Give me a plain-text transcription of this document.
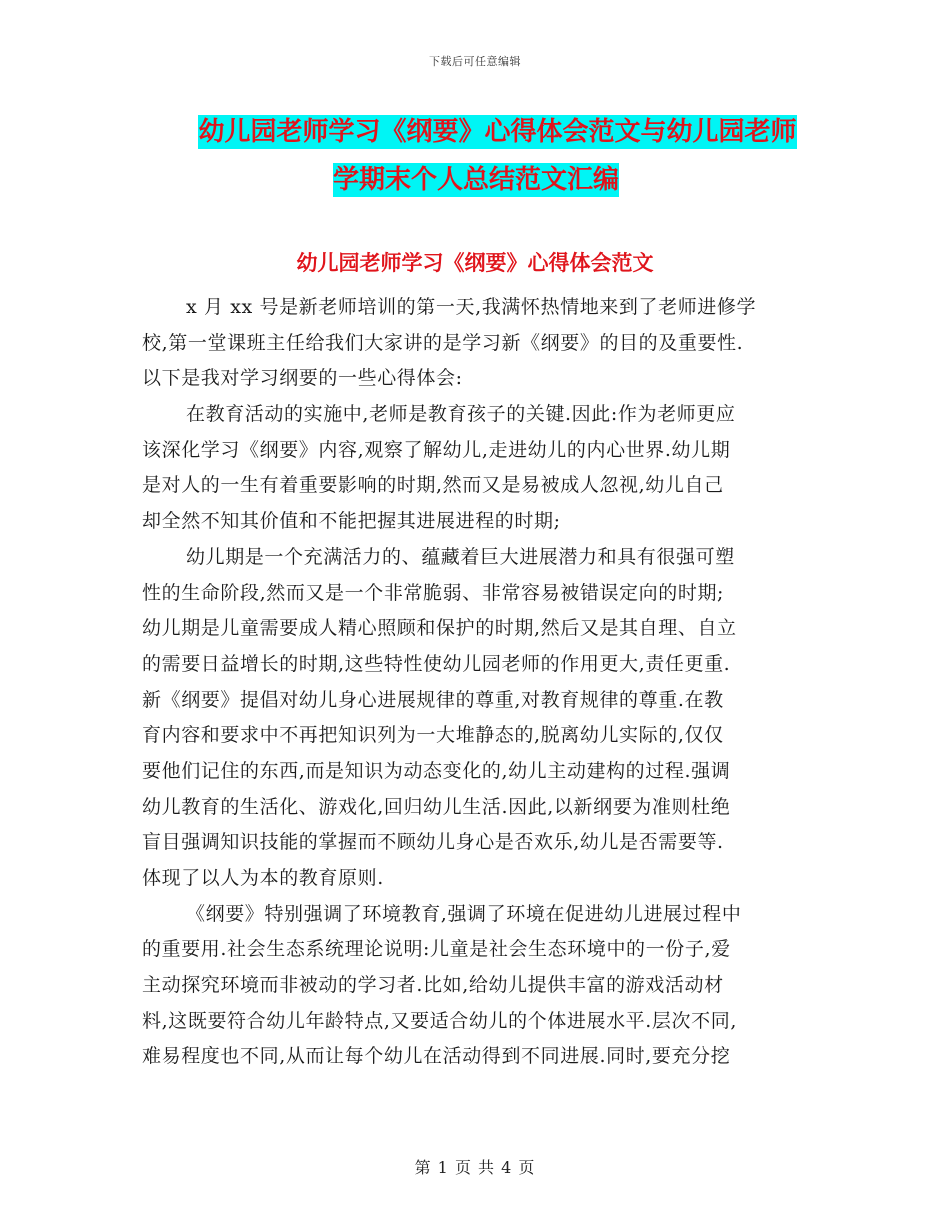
下载后可任意编辑
幼儿园老师学习《纲要》心得体会范文与幼儿园老师
学期末个人总结范文汇编
幼儿园老师学习《纲要》心得体会范文
x 月 xx 号是新老师培训的第一天,我满怀热情地来到了老师进修学
校,第一堂课班主任给我们大家讲的是学习新《纲要》的目的及重要性.
以下是我对学习纲要的一些心得体会:
在教育活动的实施中,老师是教育孩子的关键.因此:作为老师更应
该深化学习《纲要》内容,观察了解幼儿,走进幼儿的内心世界.幼儿期
是对人的一生有着重要影响的时期,然而又是易被成人忽视,幼儿自己
却全然不知其价值和不能把握其进展进程的时期;
幼儿期是一个充满活力的、蕴藏着巨大进展潜力和具有很强可塑
性的生命阶段,然而又是一个非常脆弱、非常容易被错误定向的时期;
幼儿期是儿童需要成人精心照顾和保护的时期,然后又是其自理、自立
的需要日益增长的时期,这些特性使幼儿园老师的作用更大,责任更重.
新《纲要》提倡对幼儿身心进展规律的尊重,对教育规律的尊重.在教
育内容和要求中不再把知识列为一大堆静态的,脱离幼儿实际的,仅仅
要他们记住的东西,而是知识为动态变化的,幼儿主动建构的过程.强调
幼儿教育的生活化、游戏化,回归幼儿生活.因此,以新纲要为准则杜绝
盲目强调知识技能的掌握而不顾幼儿身心是否欢乐,幼儿是否需要等.
体现了以人为本的教育原则.
《纲要》特别强调了环境教育,强调了环境在促进幼儿进展过程中
的重要用.社会生态系统理论说明:儿童是社会生态环境中的一份子,爱
主动探究环境而非被动的学习者.比如,给幼儿提供丰富的游戏活动材
料,这既要符合幼儿年龄特点,又要适合幼儿的个体进展水平.层次不同,
难易程度也不同,从而让每个幼儿在活动得到不同进展.同时,要充分挖
第 1 页 共 4 页
